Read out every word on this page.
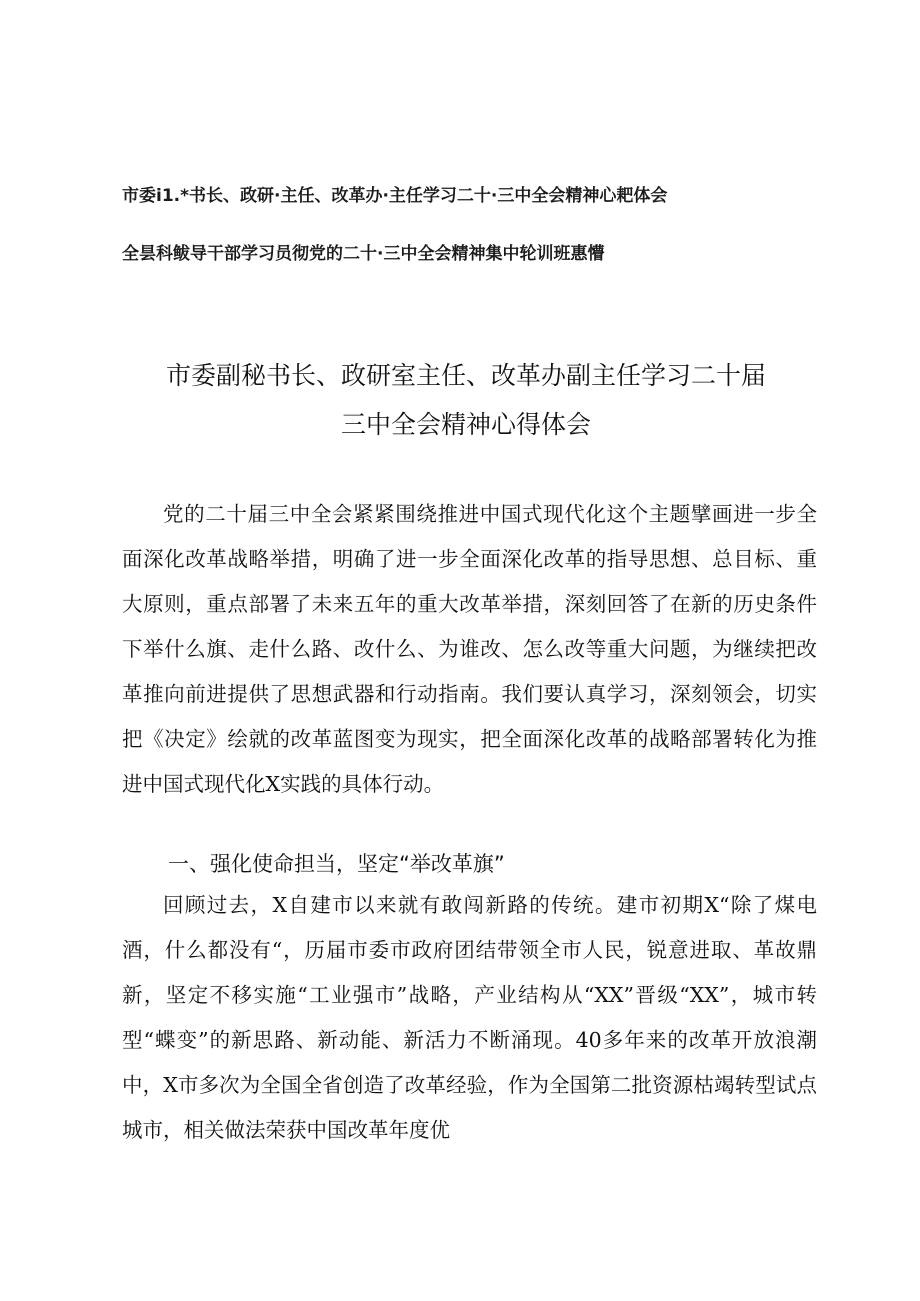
市委i1.*书长、政研·主任、改革办·主任学习二十·三中全会精神心耙体会
全昙科鲅导干部学习员彻党的二十·三中全会精神集中轮训班惠懵
市委副秘书长、政研室主任、改革办副主任学习二十届
三中全会精神心得体会

党的二十届三中全会紧紧围绕推进中国式现代化这个主题擘画进一步全面深化改革战略举措，明确了进一步全面深化改革的指导思想、总目标、重大原则，重点部署了未来五年的重大改革举措，深刻回答了在新的历史条件下举什么旗、走什么路、改什么、为谁改、怎么改等重大问题，为继续把改革推向前进提供了思想武器和行动指南。我们要认真学习，深刻领会，切实把《决定》绘就的改革蓝图变为现实，把全面深化改革的战略部署转化为推进中国式现代化X实践的具体行动。

一、强化使命担当，坚定“举改革旗”

回顾过去，X自建市以来就有敢闯新路的传统。建市初期X“除了煤电酒，什么都没有“，历届市委市政府团结带领全市人民，锐意进取、革故鼎新，坚定不移实施“工业强市”战略，产业结构从“XX”晋级“XX”，城市转型“蝶变”的新思路、新动能、新活力不断涌现。40多年来的改革开放浪潮中，X市多次为全国全省创造了改革经验，作为全国第二批资源枯竭转型试点城市，相关做法荣获中国改革年度优
